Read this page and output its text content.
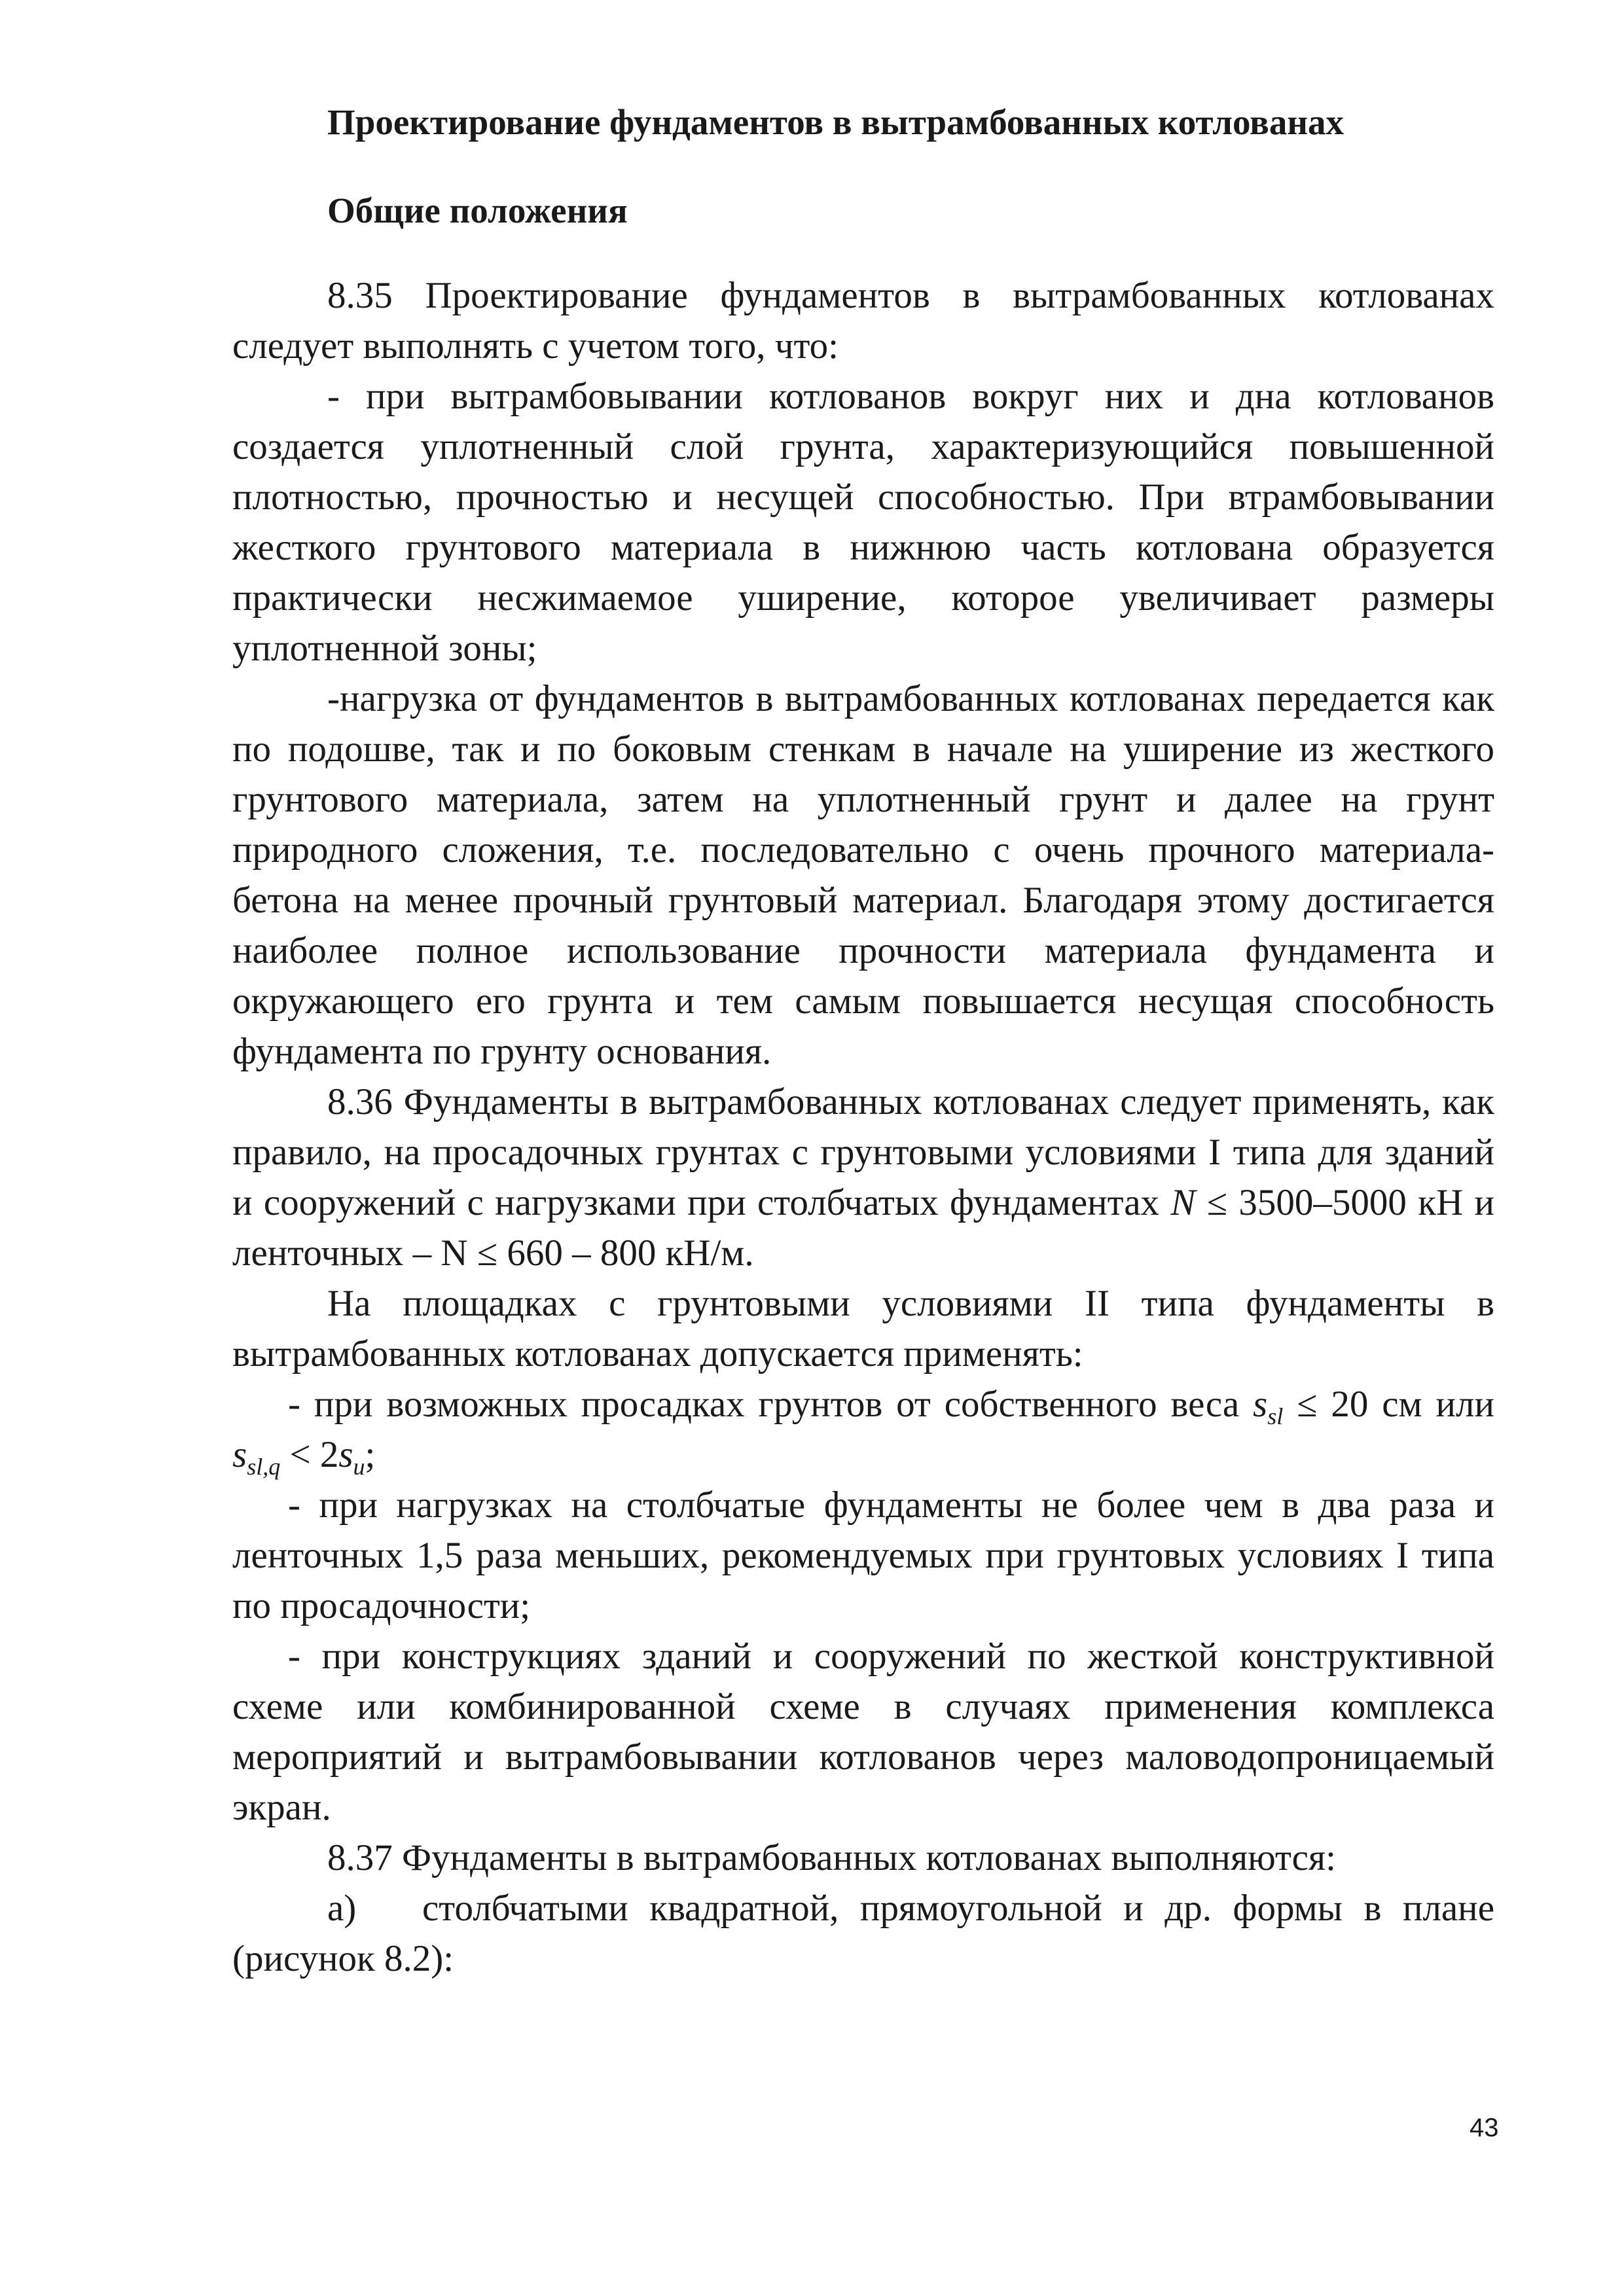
Проектирование фундаментов в вытрамбованных котлованах
Общие положения

8.35 Проектирование фундаментов в вытрамбованных котлованах следует выполнять с учетом того, что:

- при вытрамбовывании котлованов вокруг них и дна котлованов создается уплотненный слой грунта, характеризующийся повышенной плотностью, прочностью и несущей способностью. При втрамбовывании жесткого грунтового материала в нижнюю часть котлована образуется практически несжимаемое уширение, которое увеличивает размеры уплотненной зоны;

-нагрузка от фундаментов в вытрамбованных котлованах передается как по подошве, так и по боковым стенкам в начале на уширение из жесткого грунтового материала, затем на уплотненный грунт и далее на грунт природного сложения, т.е. последовательно с очень прочного материала-бетона на менее прочный грунтовый материал. Благодаря этому достигается наиболее полное использование прочности материала фундамента и окружающего его грунта и тем самым повышается несущая способность фундамента по грунту основания.

8.36 Фундаменты в вытрамбованных котлованах следует применять, как правило, на просадочных грунтах с грунтовыми условиями I типа для зданий и сооружений с нагрузками при столбчатых фундаментах N ≤ 3500–5000 кН и ленточных – N ≤ 660 – 800 кН/м.

На площадках с грунтовыми условиями II типа фундаменты в вытрамбованных котлованах допускается применять:

- при возможных просадках грунтов от собственного веса $s_{sl} \le 20$ см или $s_{sl,q} < 2s_u$;

- при нагрузках на столбчатые фундаменты не более чем в два раза и ленточных 1,5 раза меньших, рекомендуемых при грунтовых условиях I типа по просадочности;

- при конструкциях зданий и сооружений по жесткой конструктивной схеме или комбинированной схеме в случаях применения комплекса мероприятий и вытрамбовывании котлованов через маловодопроницаемый экран.

8.37 Фундаменты в вытрамбованных котлованах выполняются:

а) столбчатыми квадратной, прямоугольной и др. формы в плане (рисунок 8.2):

43
